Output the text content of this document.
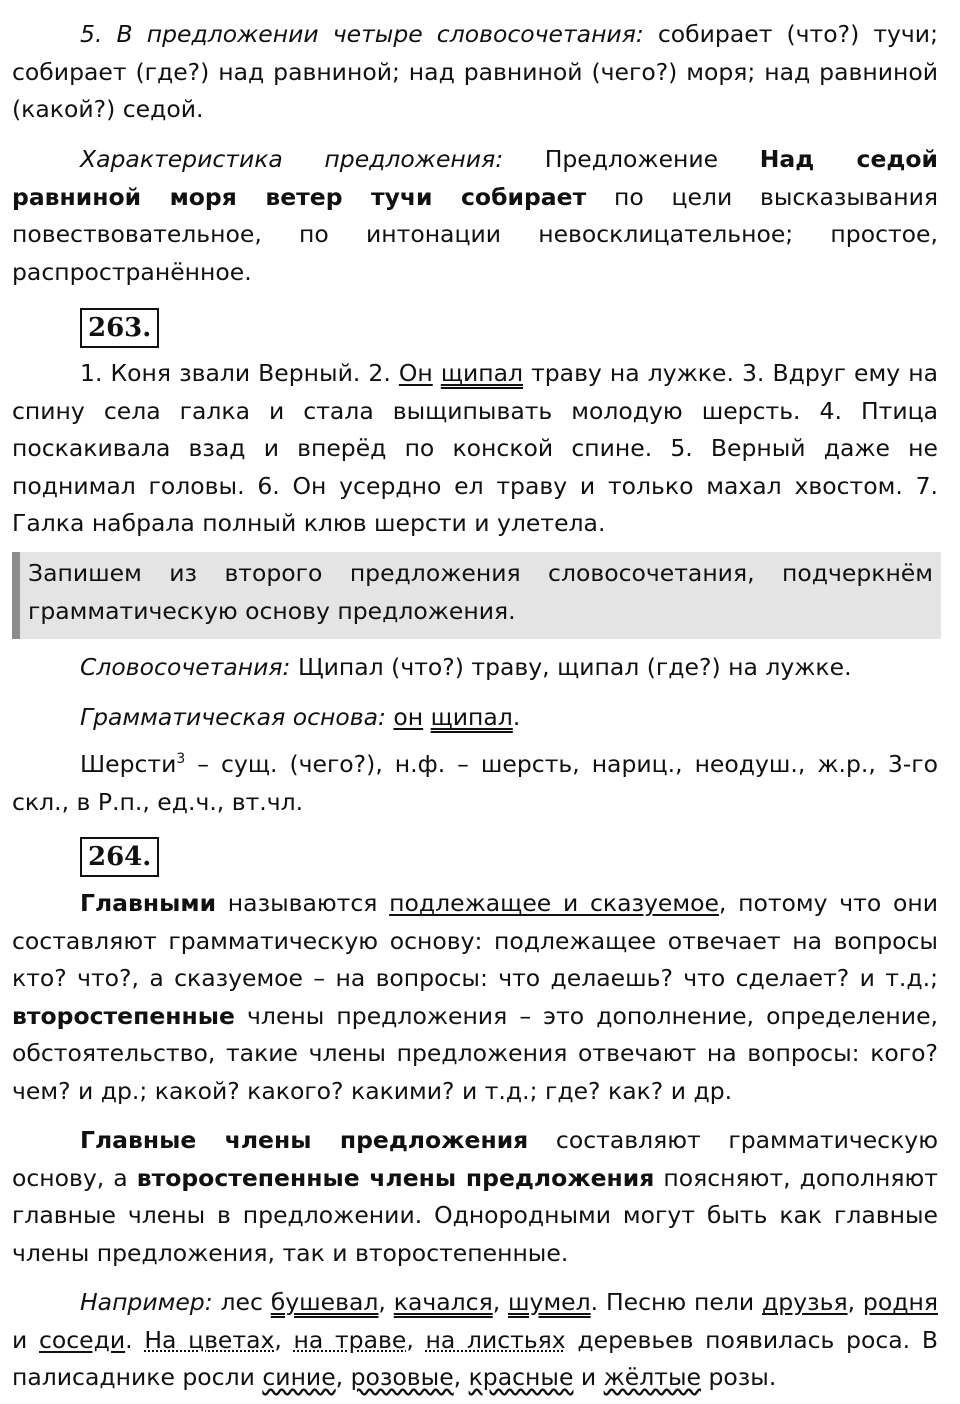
5. В предложении четыре словосочетания: собирает (что?) тучи; собирает (где?) над равниной; над равниной (чего?) моря; над равниной (какой?) седой.

Характеристика предложения: Предложение Над седой равниной моря ветер тучи собирает по цели высказывания повествовательное, по интонации невосклицательное; простое, распространённое.

263.

1. Коня звали Верный. 2. Он щипал траву на лужке. 3. Вдруг ему на спину села галка и стала выщипывать молодую шерсть. 4. Птица поскакивала взад и вперёд по конской спине. 5. Верный даже не поднимал головы. 6. Он усердно ел траву и только махал хвостом. 7. Галка набрала полный клюв шерсти и улетела.

Запишем из второго предложения словосочетания, подчеркнём грамматическую основу предложения.

Словосочетания: Щипал (что?) траву, щипал (где?) на лужке.

Грамматическая основа: он щипал.

Шерсти$^3$ – сущ. (чего?), н.ф. – шерсть, нариц., неодуш., ж.р., 3-го скл., в Р.п., ед.ч., вт.чл.

264.

Главными называются подлежащее и сказуемое, потому что они составляют грамматическую основу: подлежащее отвечает на вопросы кто? что?, а сказуемое – на вопросы: что делаешь? что сделает? и т.д.; второстепенные члены предложения – это дополнение, определение, обстоятельство, такие члены предложения отвечают на вопросы: кого? чем? и др.; какой? какого? какими? и т.д.; где? как? и др.

Главные члены предложения составляют грамматическую основу, а второстепенные члены предложения поясняют, дополняют главные члены в предложении. Однородными могут быть как главные члены предложения, так и второстепенные.

Например: лес бушевал, качался, шумел. Песню пели друзья, родня и соседи. На цветах, на траве, на листьях деревьев появилась роса. В палисаднике росли синие, розовые, красные и жёлтые розы.
